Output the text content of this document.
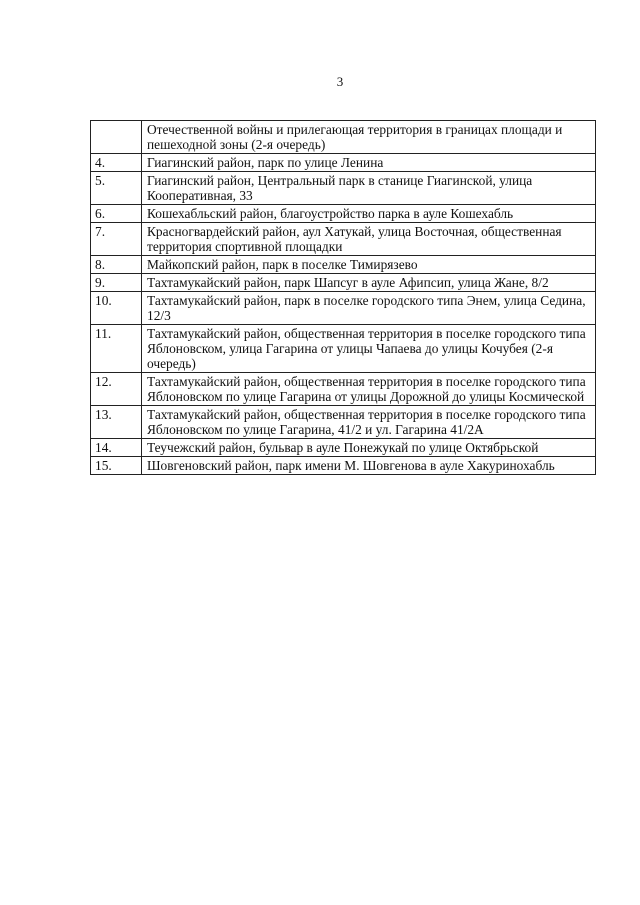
3
	Отечественной войны и прилегающая территория в границах площади и пешеходной зоны (2-я очередь)
4.	Гиагинский район, парк по улице Ленина
5.	Гиагинский район, Центральный парк в станице Гиагинской, улица Кооперативная, 33
6.	Кошехабльский район, благоустройство парка в ауле Кошехабль
7.	Красногвардейский район, аул Хатукай, улица Восточная, общественная территория спортивной площадки
8.	Майкопский район, парк в поселке Тимирязево
9.	Тахтамукайский район, парк Шапсуг в ауле Афипсип, улица Жане, 8/2
10.	Тахтамукайский район, парк в поселке городского типа Энем, улица Седина, 12/3
11.	Тахтамукайский район, общественная территория в поселке городского типа Яблоновском, улица Гагарина от улицы Чапаева до улицы Кочубея (2-я очередь)
12.	Тахтамукайский район, общественная территория в поселке городского типа Яблоновском по улице Гагарина от улицы Дорожной до улицы Космической
13.	Тахтамукайский район, общественная территория в поселке городского типа Яблоновском по улице Гагарина, 41/2 и ул. Гагарина 41/2А
14.	Теучежский район, бульвар в ауле Понежукай по улице Октябрьской
15.	Шовгеновский район, парк имени М. Шовгенова в ауле Хакуринохабль
